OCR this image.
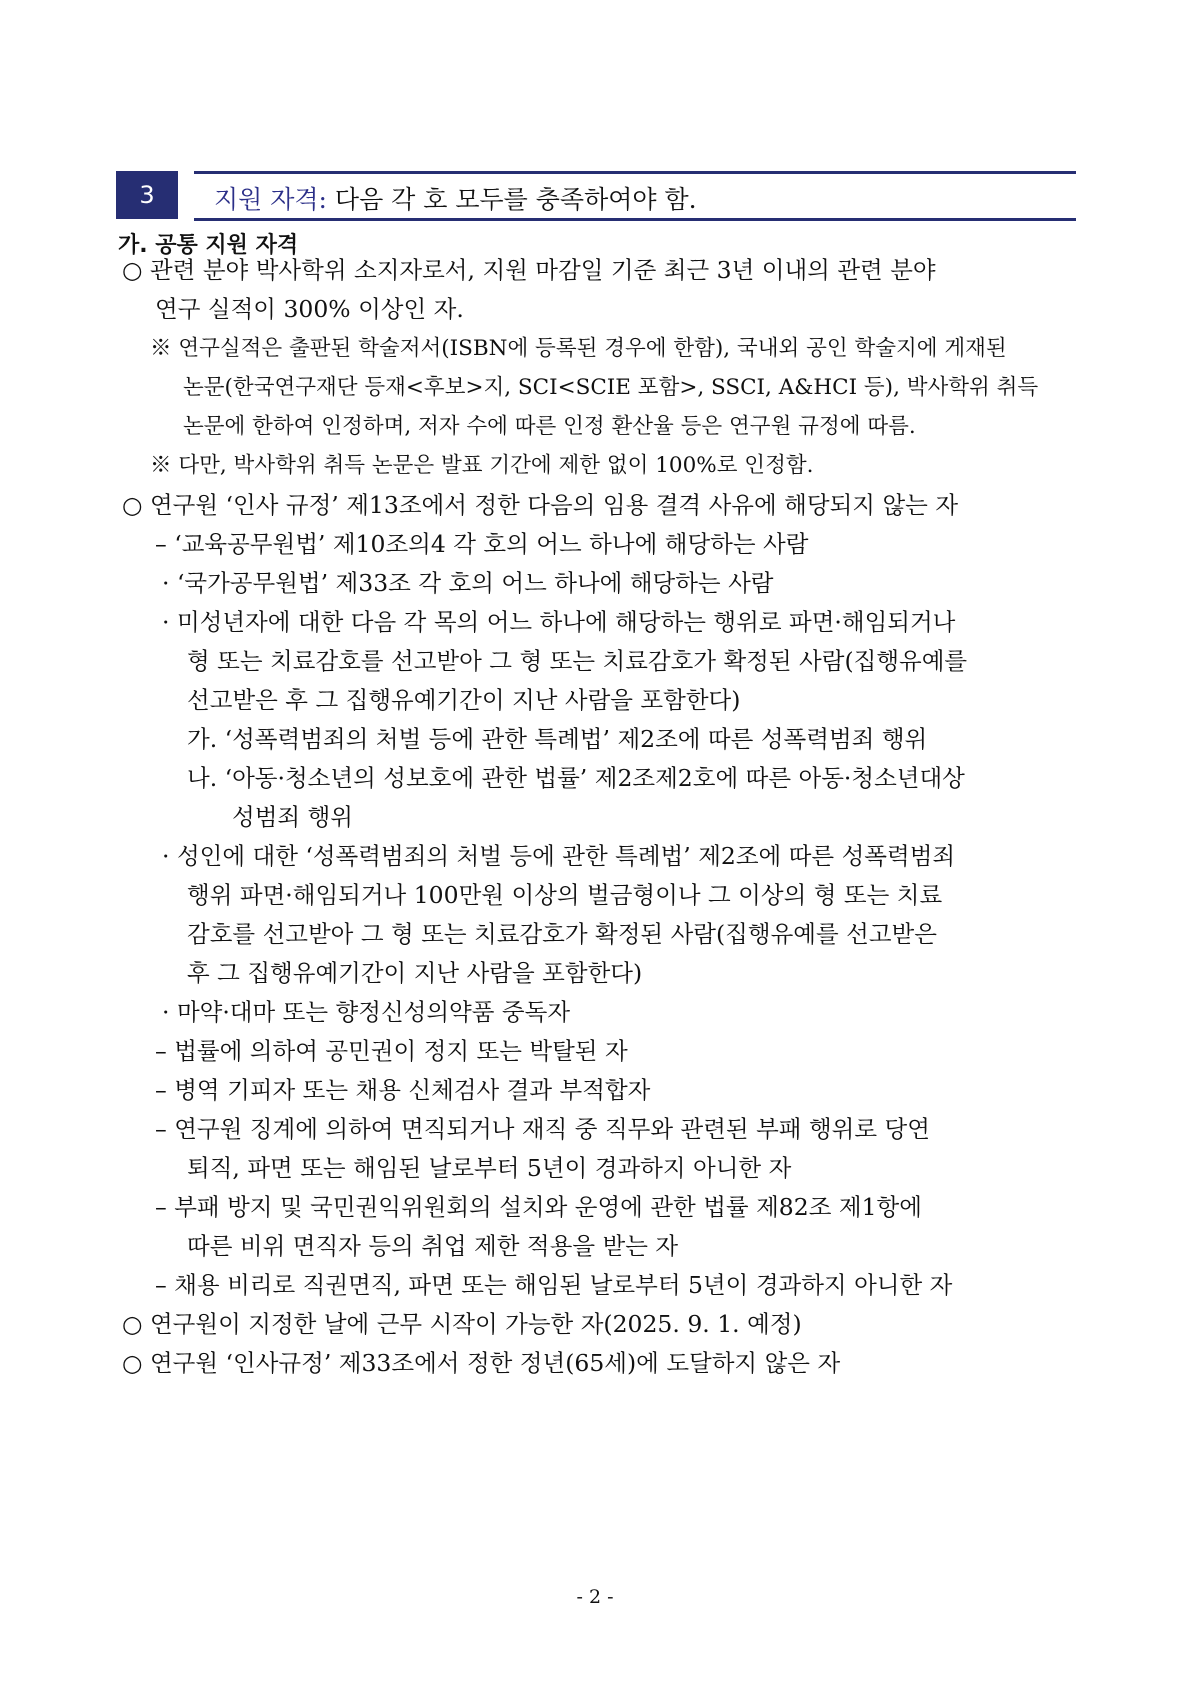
3	지원 자격: 다음 각 호 모두를 충족하여야 함.
가. 공통 지원 자격
○ 관련 분야 박사학위 소지자로서, 지원 마감일 기준 최근 3년 이내의 관련 분야
연구 실적이 300% 이상인 자.
※ 연구실적은 출판된 학술저서(ISBN에 등록된 경우에 한함), 국내외 공인 학술지에 게재된
논문(한국연구재단 등재<후보>지, SCI<SCIE 포함>, SSCI, A&HCI 등), 박사학위 취득
논문에 한하여 인정하며, 저자 수에 따른 인정 환산율 등은 연구원 규정에 따름.
※ 다만, 박사학위 취득 논문은 발표 기간에 제한 없이 100%로 인정함.
○ 연구원 ‘인사 규정’ 제13조에서 정한 다음의 임용 결격 사유에 해당되지 않는 자
– ‘교육공무원법’ 제10조의4 각 호의 어느 하나에 해당하는 사람
· ‘국가공무원법’ 제33조 각 호의 어느 하나에 해당하는 사람
· 미성년자에 대한 다음 각 목의 어느 하나에 해당하는 행위로 파면·해임되거나
형 또는 치료감호를 선고받아 그 형 또는 치료감호가 확정된 사람(집행유예를
선고받은 후 그 집행유예기간이 지난 사람을 포함한다)
가. ‘성폭력범죄의 처벌 등에 관한 특례법’ 제2조에 따른 성폭력범죄 행위
나. ‘아동·청소년의 성보호에 관한 법률’ 제2조제2호에 따른 아동·청소년대상
성범죄 행위
· 성인에 대한 ‘성폭력범죄의 처벌 등에 관한 특례법’ 제2조에 따른 성폭력범죄
행위 파면·해임되거나 100만원 이상의 벌금형이나 그 이상의 형 또는 치료
감호를 선고받아 그 형 또는 치료감호가 확정된 사람(집행유예를 선고받은
후 그 집행유예기간이 지난 사람을 포함한다)
· 마약·대마 또는 향정신성의약품 중독자
– 법률에 의하여 공민권이 정지 또는 박탈된 자
– 병역 기피자 또는 채용 신체검사 결과 부적합자
– 연구원 징계에 의하여 면직되거나 재직 중 직무와 관련된 부패 행위로 당연
퇴직, 파면 또는 해임된 날로부터 5년이 경과하지 아니한 자
– 부패 방지 및 국민권익위원회의 설치와 운영에 관한 법률 제82조 제1항에
따른 비위 면직자 등의 취업 제한 적용을 받는 자
– 채용 비리로 직권면직, 파면 또는 해임된 날로부터 5년이 경과하지 아니한 자
○ 연구원이 지정한 날에 근무 시작이 가능한 자(2025. 9. 1. 예정)
○ 연구원 ‘인사규정’ 제33조에서 정한 정년(65세)에 도달하지 않은 자
- 2 -
